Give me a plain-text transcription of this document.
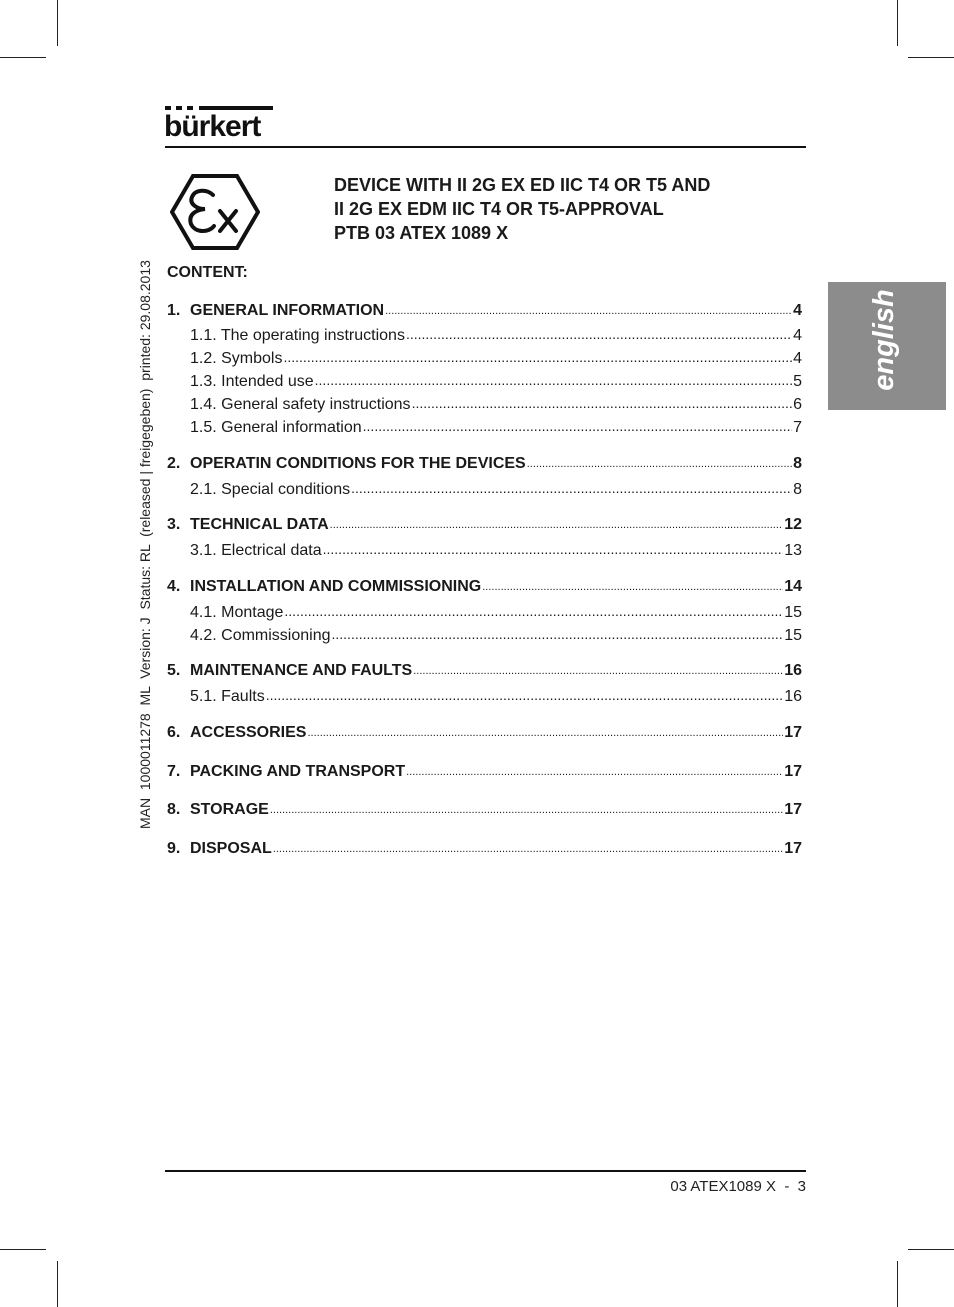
bürkert
MAN  1000011278  ML  Version: J  Status: RL  (released | freigegeben)  printed: 29.08.2013	english
DEVICE WITH II 2G EX ED IIC T4 OR T5 AND
II 2G EX EDM IIC T4 OR T5-APPROVAL
PTB 03 ATEX 1089 X
CONTENT:
1. GENERAL INFORMATION .....	4
1.1. The operating instructions .....	4
1.2. Symbols .....	4
1.3. Intended use .....	5
1.4. General safety instructions .....	6
1.5. General information .....	7
2. OPERATIN CONDITIONS FOR THE DEVICES .....	8
2.1. Special conditions .....	8
3. TECHNICAL DATA .....	12
3.1. Electrical data .....	13
4. INSTALLATION AND COMMISSIONING .....	14
4.1. Montage .....	15
4.2. Commissioning .....	15
5. MAINTENANCE AND FAULTS .....	16
5.1. Faults .....	16
6. ACCESSORIES .....	17
7. PACKING AND TRANSPORT .....	17
8. STORAGE .....	17
9. DISPOSAL .....	17
03 ATEX1089 X  -  3
